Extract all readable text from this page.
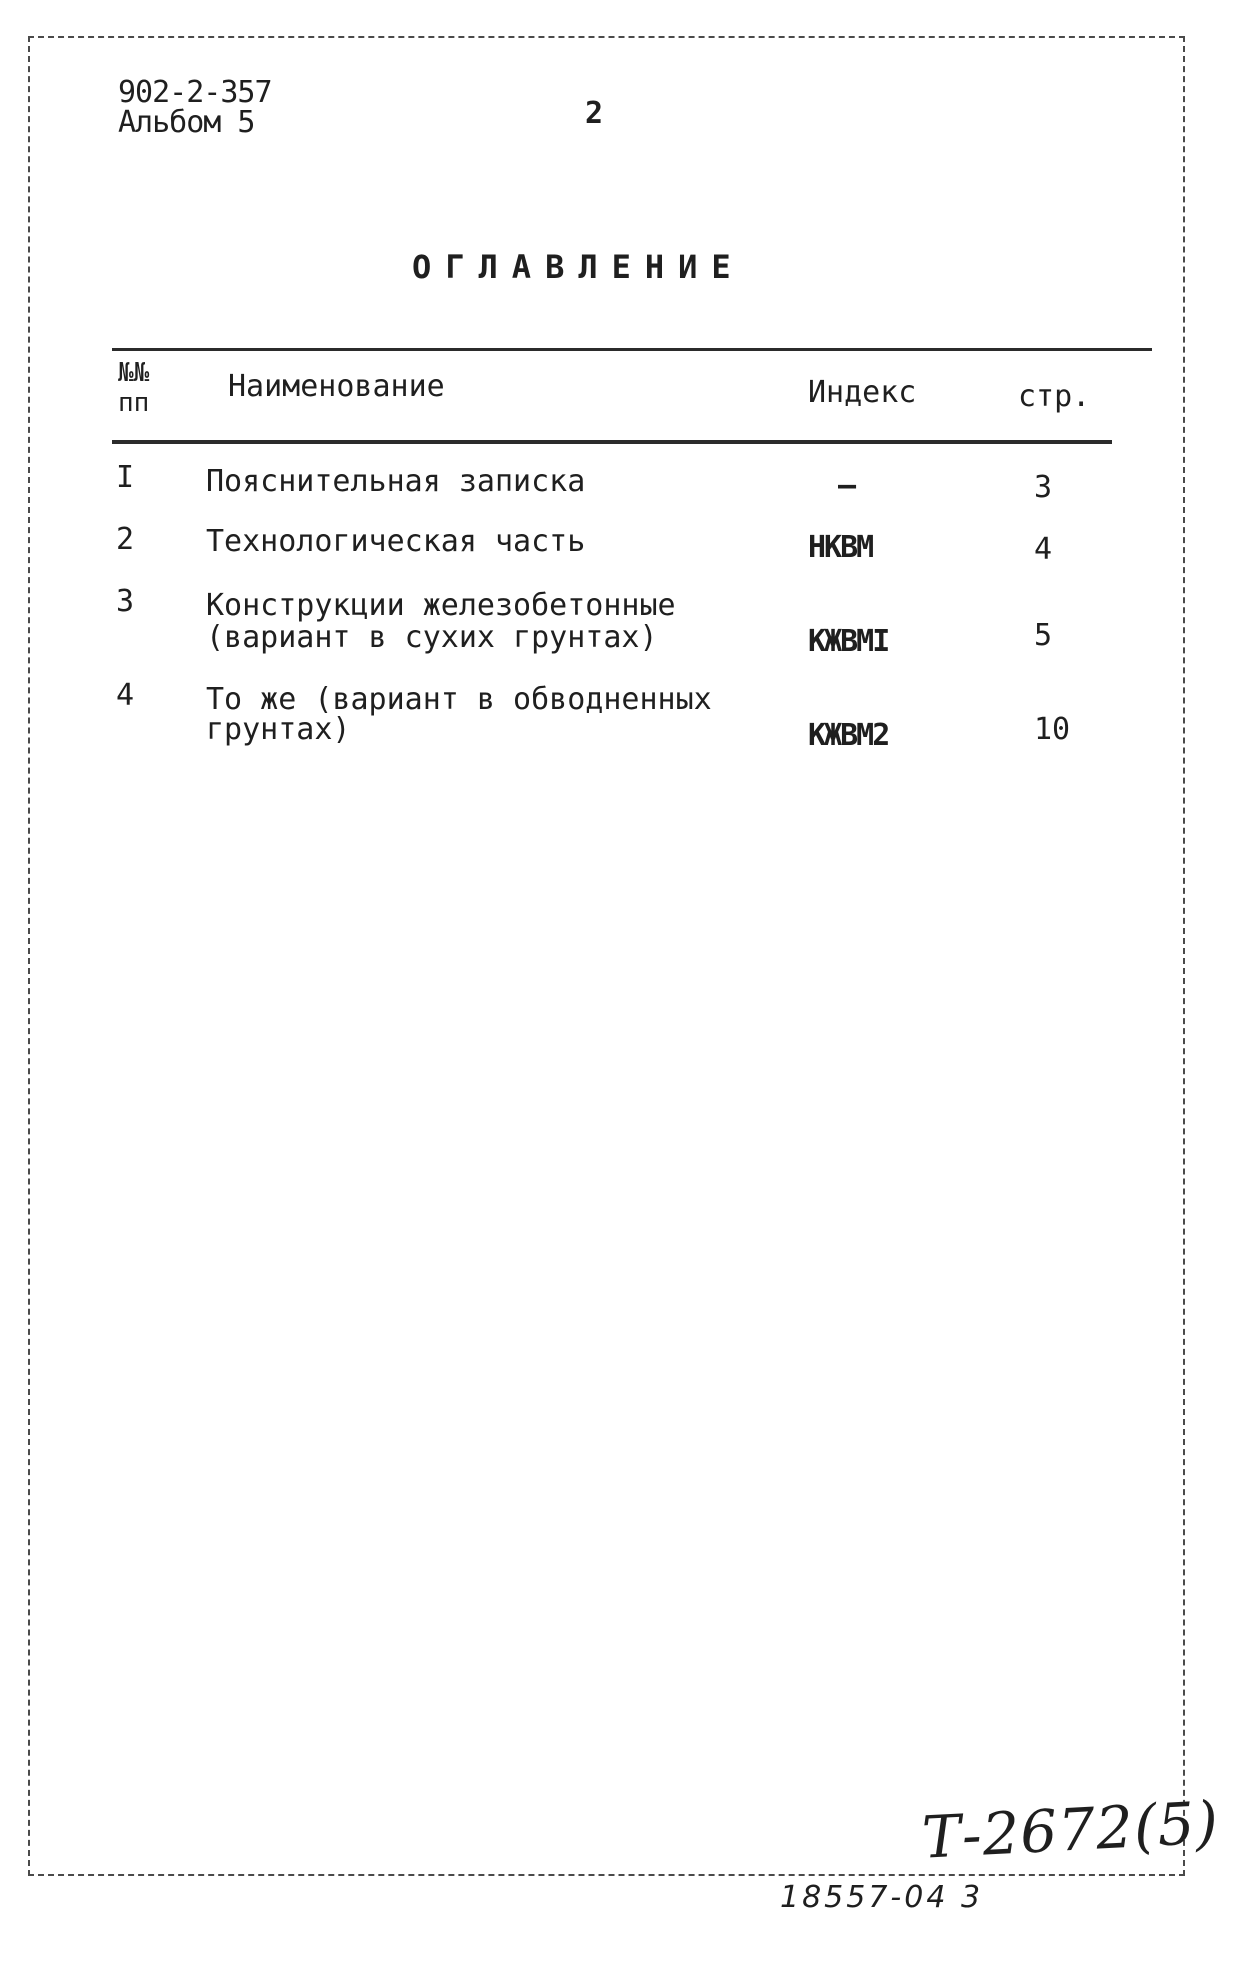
902-2-357
Альбом 5	2
ОГЛАВЛЕНИЕ
№№
пп	Наименование	Индекс	стр.
I Пояснительная записка	–	3
2 Технологическая часть	НКВМ	4
3 Конструкции железобетонные
(вариант в сухих грунтах)	КЖВМI	5
4 То же (вариант в обводненных
грунтах)	КЖВМ2	10
Т-2672(5)
18557-04 3
